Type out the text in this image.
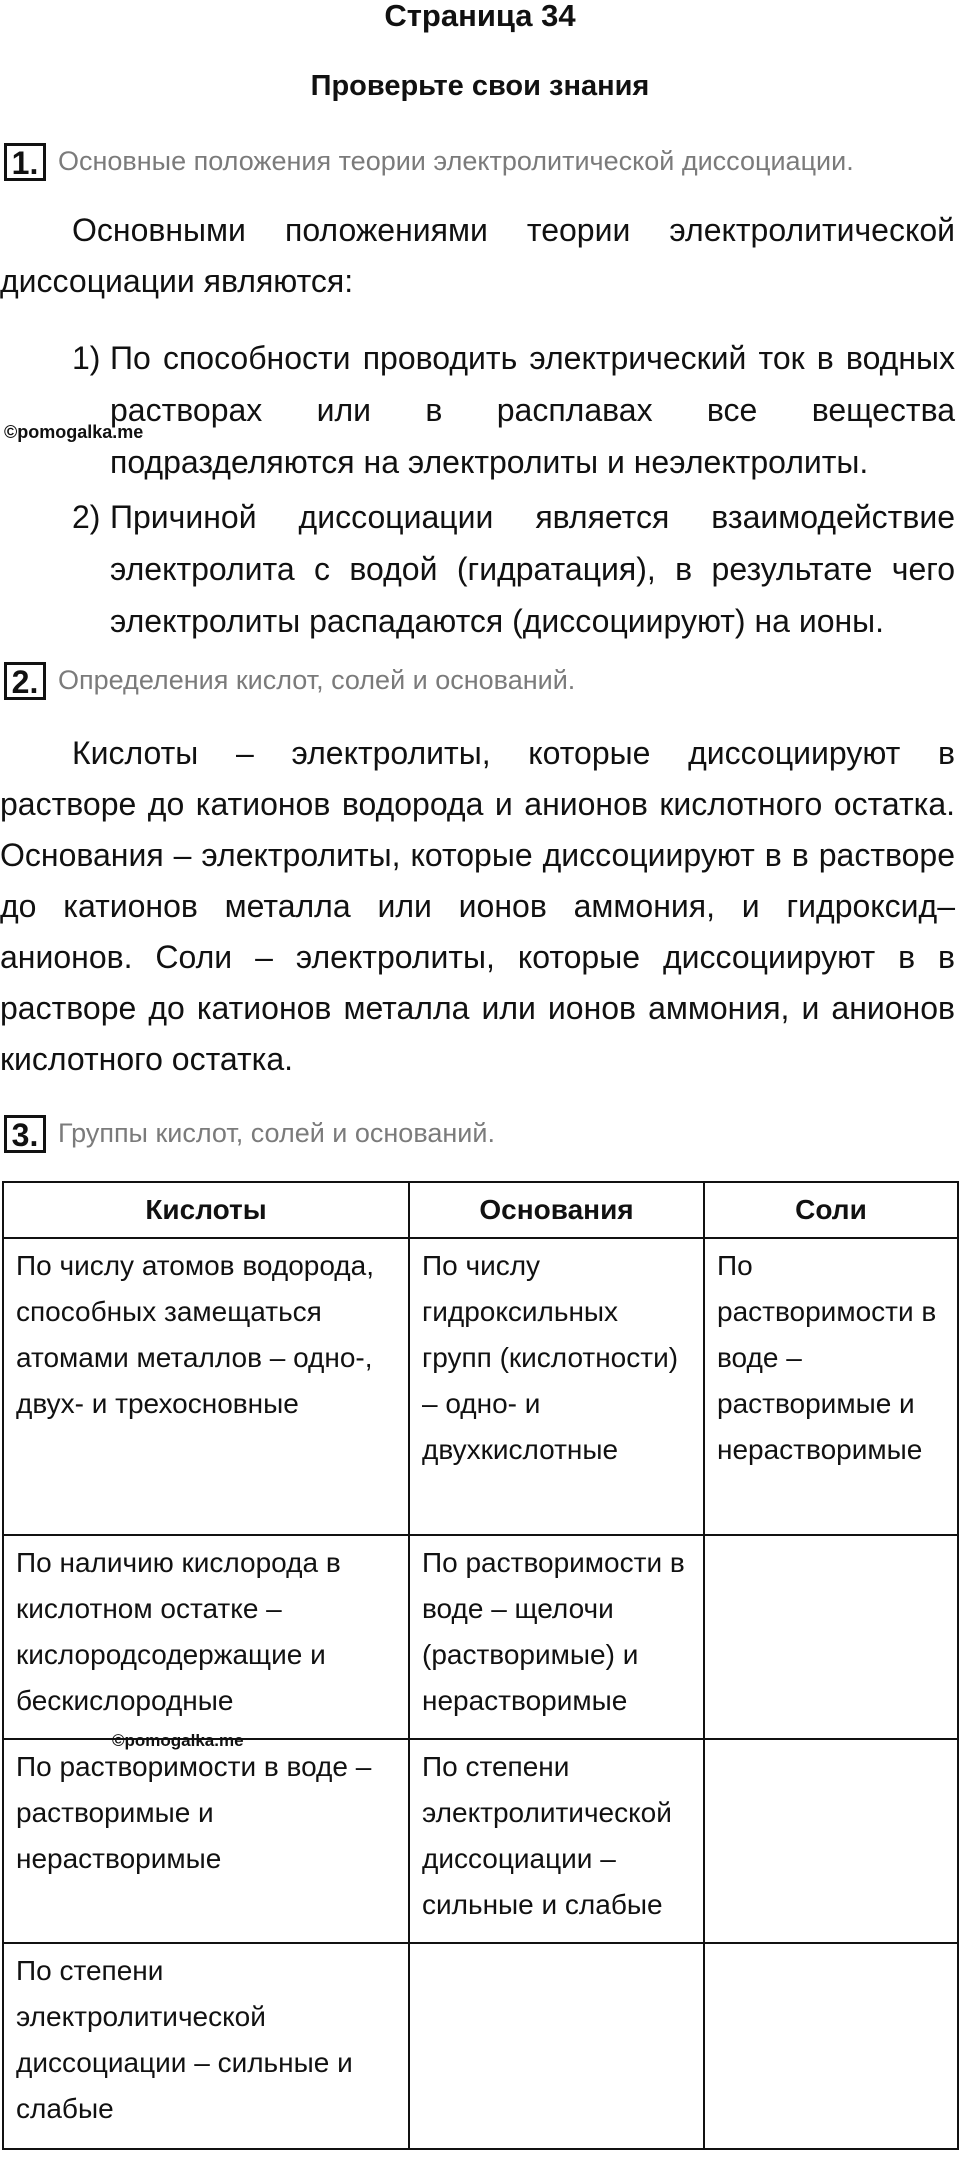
Страница 34
Проверьте свои знания
1. Основные положения теории электролитической диссоциации.

Основными положениями теории электролитической диссоциации являются:

1) По способности проводить электрический ток в водных растворах или в расплавах все вещества подразделяются на электролиты и неэлектролиты.
2) Причиной диссоциации является взаимодействие электролита с водой (гидратация), в результате чего электролиты распадаются (диссоциируют) на ионы.
©pomogalka.me
2. Определения кислот, солей и оснований.

Кислоты – электролиты, которые диссоциируют в растворе до катионов водорода и анионов кислотного остатка. Основания – электролиты, которые диссоциируют в в растворе до катионов металла или ионов аммония, и гидроксид–анионов. Соли – электролиты, которые диссоциируют в в растворе до катионов металла или ионов аммония, и анионов кислотного остатка.

3. Группы кислот, солей и оснований.
Кислоты	Основания	Соли
По числу атомов водорода, способных замещаться атомами металлов – одно-, двух- и трехосновные	По числу гидроксильных групп (кислотности) – одно- и двухкислотные	По растворимости в воде – растворимые и нерастворимые
По наличию кислорода в кислотном остатке – кислородсодержащие и бескислородные	По растворимости в воде – щелочи (растворимые) и нерастворимые	
По растворимости в воде – растворимые и нерастворимые	По степени электролитической диссоциации – сильные и слабые	
По степени электролитической диссоциации – сильные и слабые		
©pomogalka.me
